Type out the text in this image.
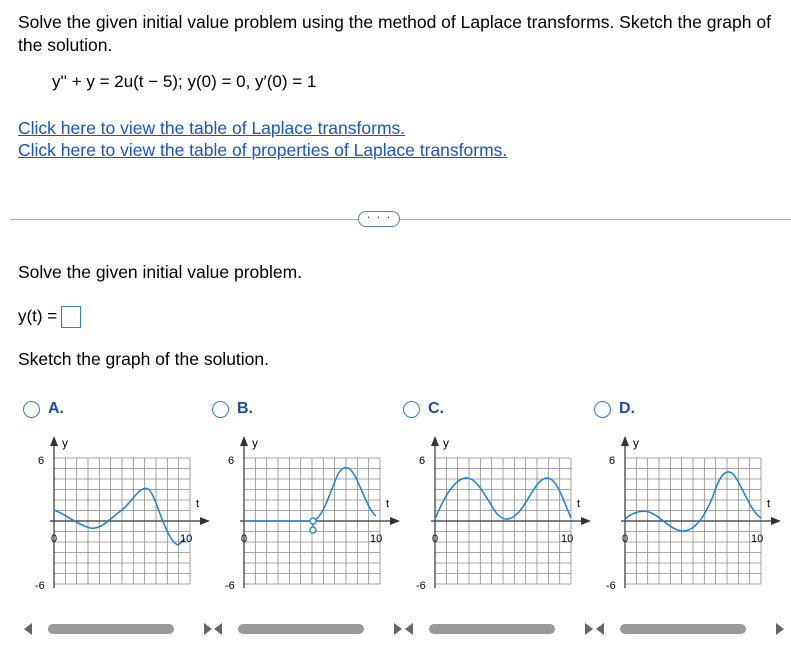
Solve the given initial value problem using the method of Laplace transforms. Sketch the graph of the solution.
y'' + y = 2u(t − 5); y(0) = 0, y′(0) = 1
Click here to view the table of Laplace transforms.
Click here to view the table of properties of Laplace transforms.
· · ·
Solve the given initial value problem.
y(t) =
Sketch the graph of the solution.
A.	B.	C.	D.
y
t
6
-6
0	10
y
t
6
-6
0	10
y
t
6
-6
0	10
y
t
6
-6
0	10
